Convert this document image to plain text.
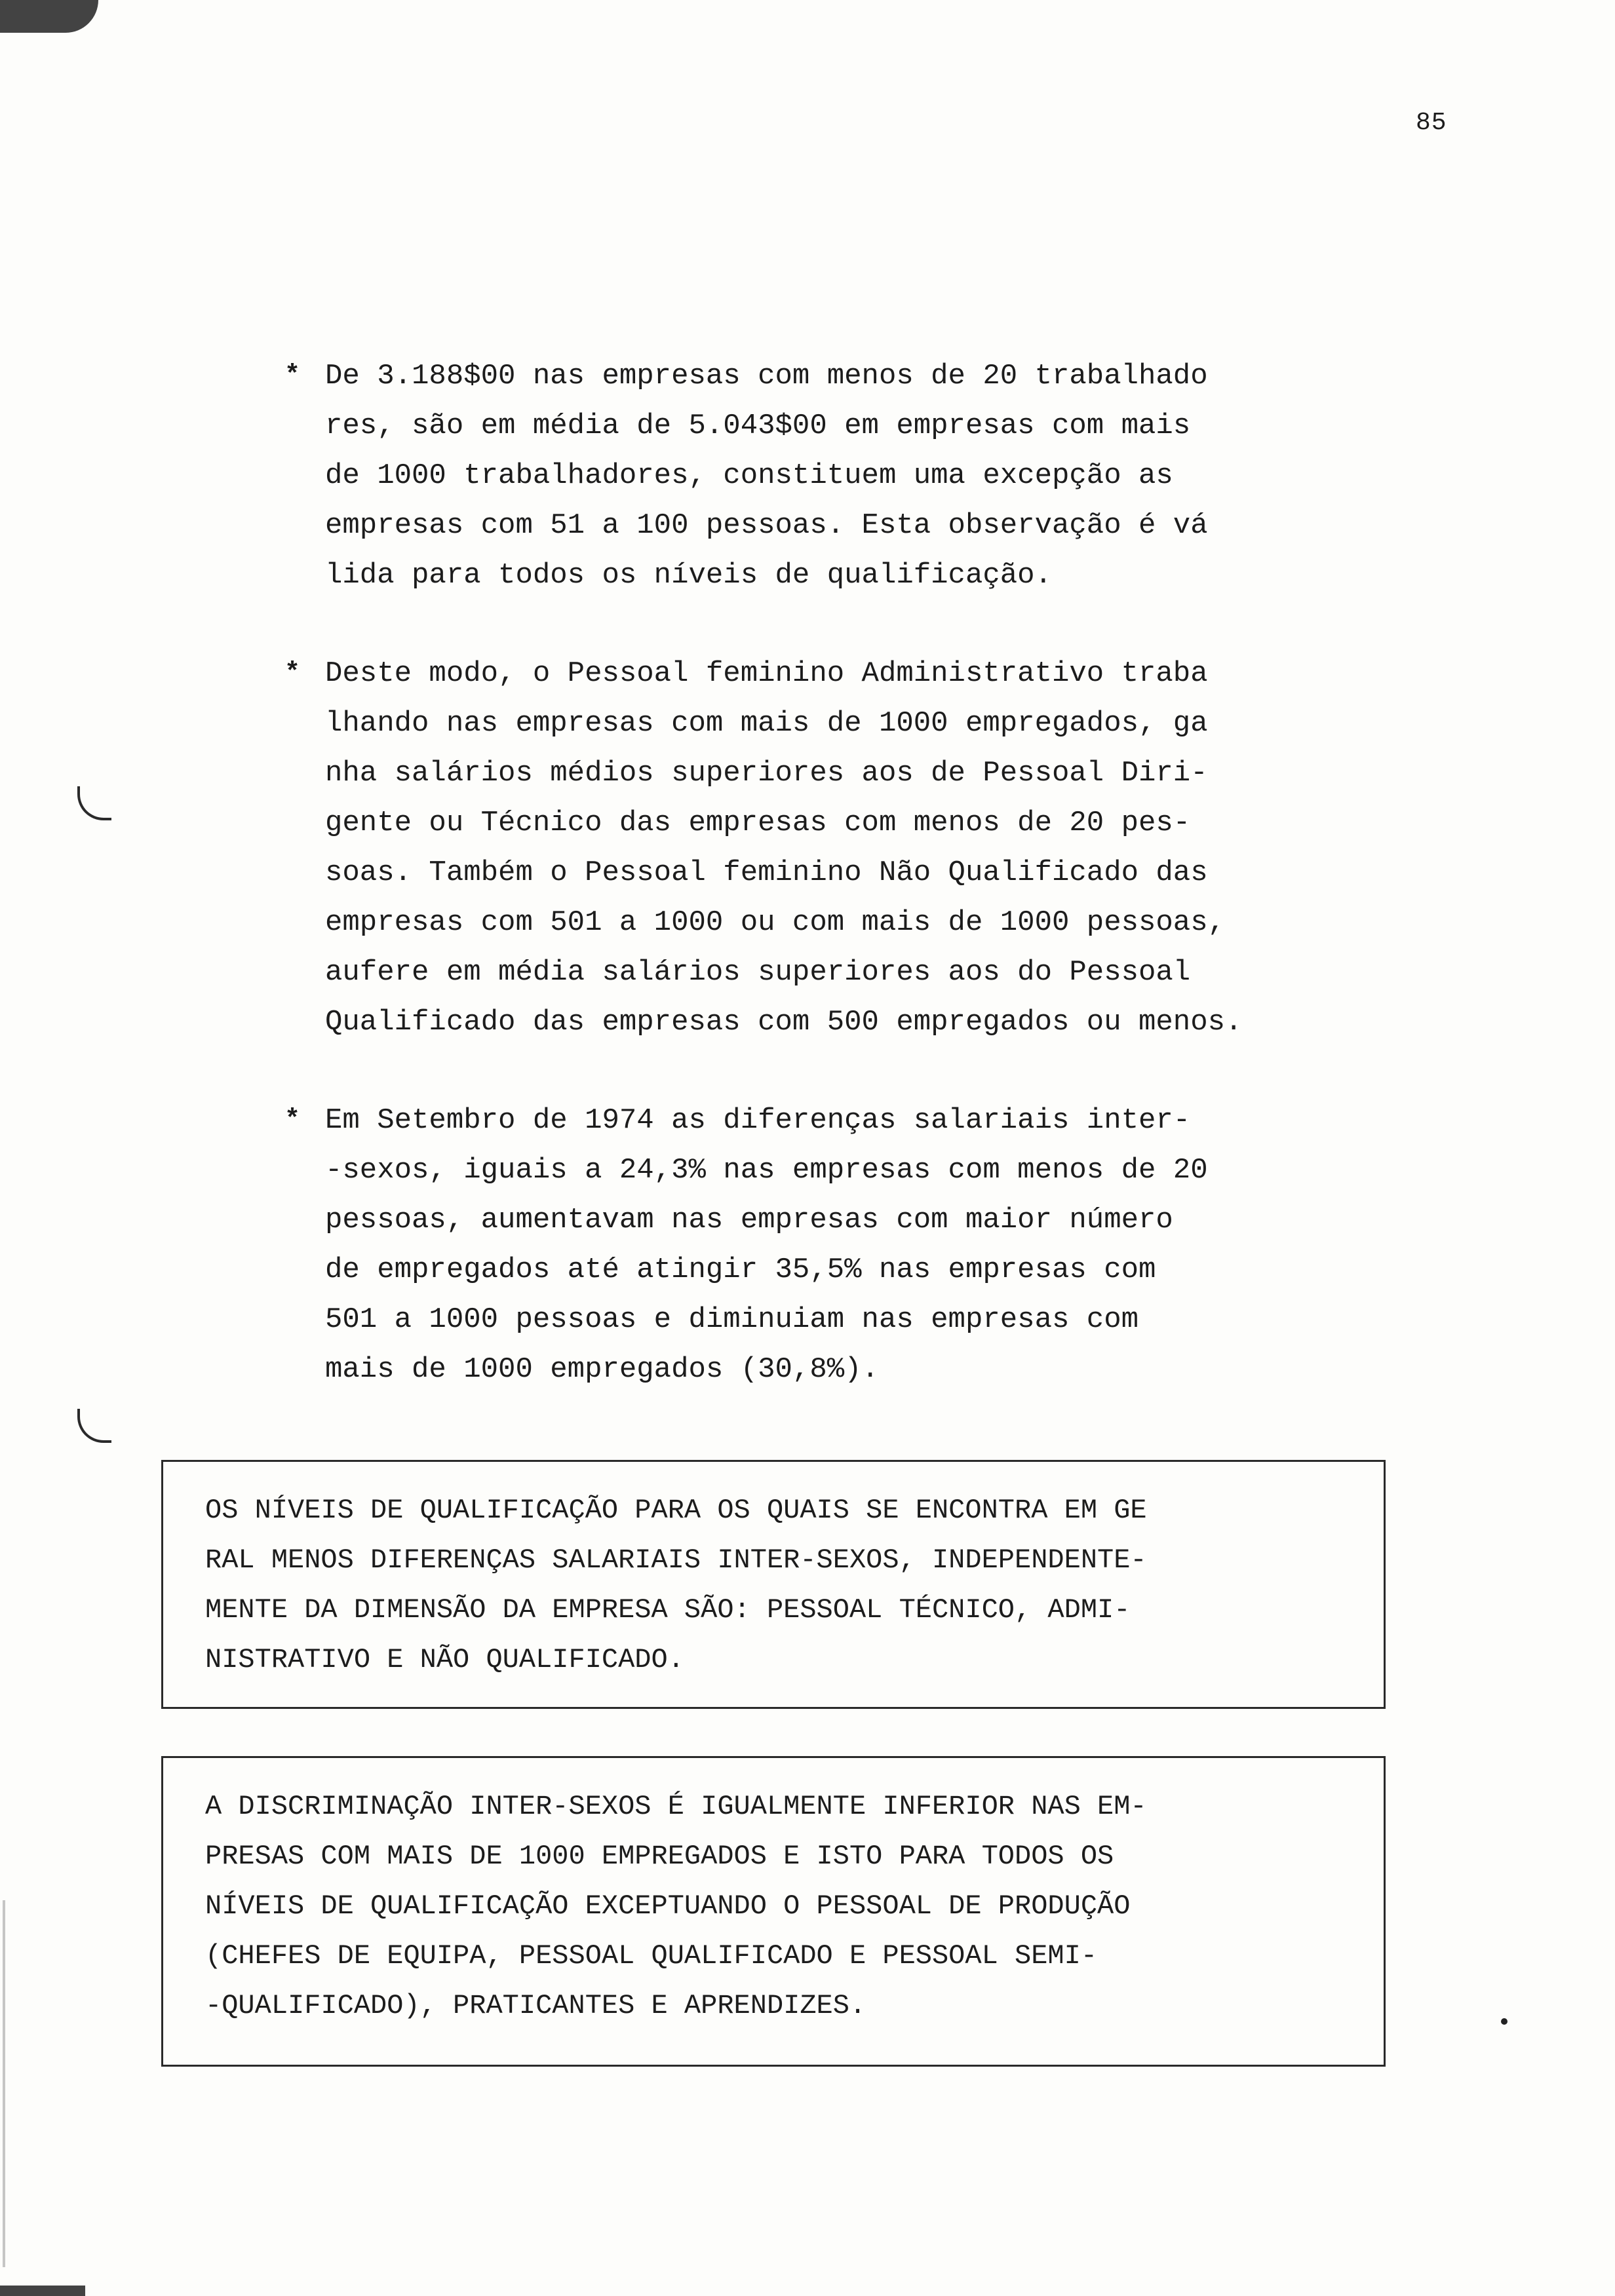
85
* De 3.188$00 nas empresas com menos de 20 trabalhado
res, são em média de 5.043$00 em empresas com mais
de 1000 trabalhadores, constituem uma excepção as
empresas com 51 a 100 pessoas. Esta observação é vá
lida para todos os níveis de qualificação.
* Deste modo, o Pessoal feminino Administrativo traba
lhando nas empresas com mais de 1000 empregados, ga
nha salários médios superiores aos de Pessoal Diri-
gente ou Técnico das empresas com menos de 20 pes-
soas. Também o Pessoal feminino Não Qualificado das
empresas com 501 a 1000 ou com mais de 1000 pessoas,
aufere em média salários superiores aos do Pessoal
Qualificado das empresas com 500 empregados ou menos.
* Em Setembro de 1974 as diferenças salariais inter-
-sexos, iguais a 24,3% nas empresas com menos de 20
pessoas, aumentavam nas empresas com maior número
de empregados até atingir 35,5% nas empresas com
501 a 1000 pessoas e diminuiam nas empresas com
mais de 1000 empregados (30,8%).
OS NÍVEIS DE QUALIFICAÇÃO PARA OS QUAIS SE ENCONTRA EM GE
RAL MENOS DIFERENÇAS SALARIAIS INTER-SEXOS, INDEPENDENTE-
MENTE DA DIMENSÃO DA EMPRESA SÃO: PESSOAL TÉCNICO, ADMI-
NISTRATIVO E NÃO QUALIFICADO.
A DISCRIMINAÇÃO INTER-SEXOS É IGUALMENTE INFERIOR NAS EM-
PRESAS COM MAIS DE 1000 EMPREGADOS E ISTO PARA TODOS OS
NÍVEIS DE QUALIFICAÇÃO EXCEPTUANDO O PESSOAL DE PRODUÇÃO
(CHEFES DE EQUIPA, PESSOAL QUALIFICADO E PESSOAL SEMI-
-QUALIFICADO), PRATICANTES E APRENDIZES.
